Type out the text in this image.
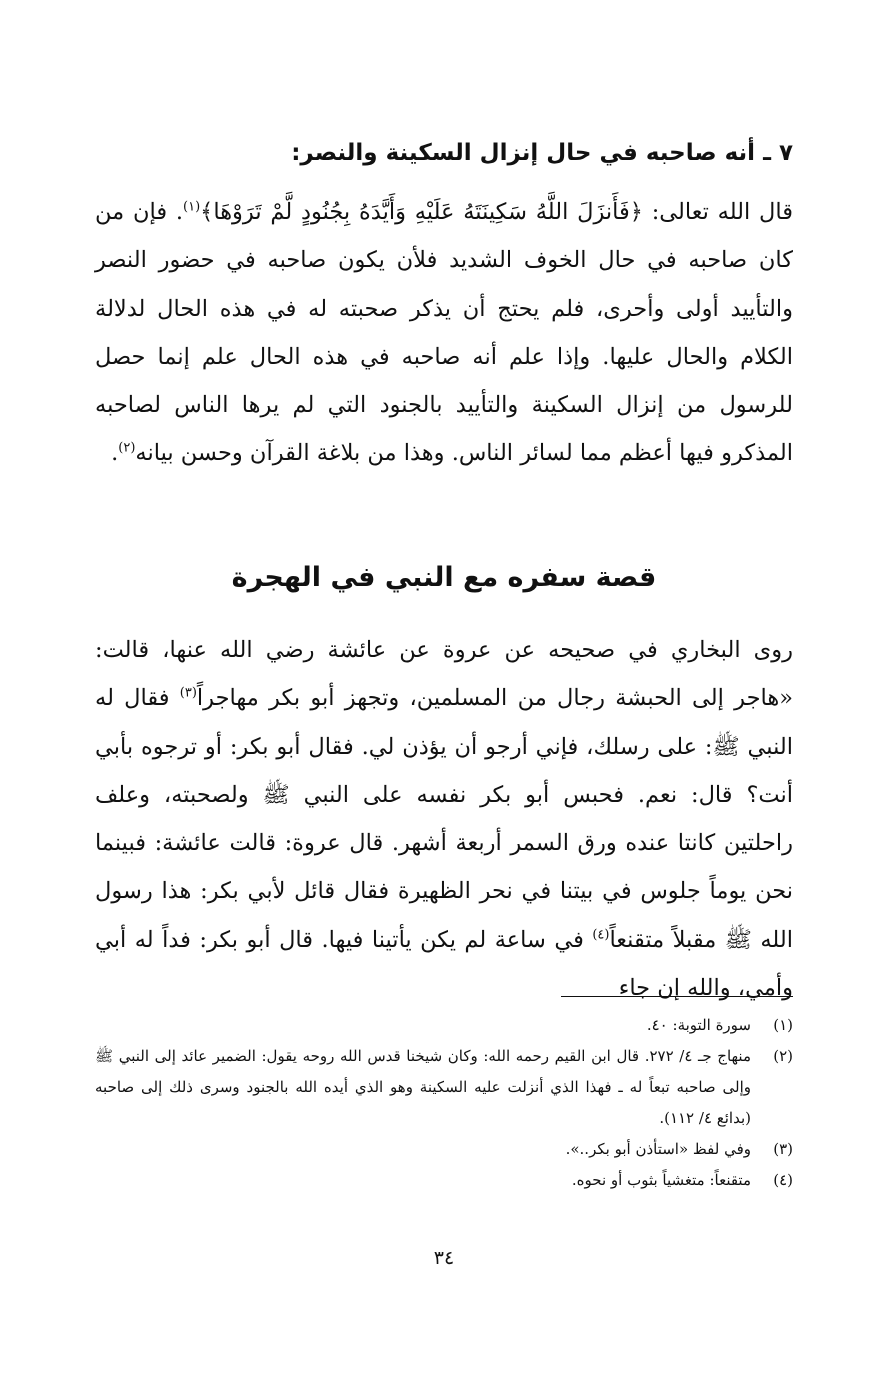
٧ ـ أنه صاحبه في حال إنزال السكينة والنصر:

قال الله تعالى: ﴿فَأَنزَلَ اللَّهُ سَكِينَتَهُ عَلَيْهِ وَأَيَّدَهُ بِجُنُودٍ لَّمْ تَرَوْهَا﴾$^{(١)}$. فإن من كان صاحبه في حال الخوف الشديد فلأن يكون صاحبه في حضور النصر والتأييد أولى وأحرى، فلم يحتج أن يذكر صحبته له في هذه الحال لدلالة الكلام والحال عليها. وإذا علم أنه صاحبه في هذه الحال علم إنما حصل للرسول من إنزال السكينة والتأييد بالجنود التي لم يرها الناس لصاحبه المذكرو فيها أعظم مما لسائر الناس. وهذا من بلاغة القرآن وحسن بيانه$^{(٢)}$.

قصة سفره مع النبي في الهجرة

روى البخاري في صحيحه عن عروة عن عائشة رضي الله عنها، قالت: «هاجر إلى الحبشة رجال من المسلمين، وتجهز أبو بكر مهاجراً$^{(٣)}$ فقال له النبي ﷺ: على رسلك، فإني أرجو أن يؤذن لي. فقال أبو بكر: أو ترجوه بأبي أنت؟ قال: نعم. فحبس أبو بكر نفسه على النبي ﷺ ولصحبته، وعلف راحلتين كانتا عنده ورق السمر أربعة أشهر. قال عروة: قالت عائشة: فبينما نحن يوماً جلوس في بيتنا في نحر الظهيرة فقال قائل لأبي بكر: هذا رسول الله ﷺ مقبلاً متقنعاً$^{(٤)}$ في ساعة لم يكن يأتينا فيها. قال أبو بكر: فداً له أبي وأمي، والله إن جاء

(١)
سورة التوبة: ٤٠.
(٢)
منهاج جـ ٤/ ٢٧٢. قال ابن القيم رحمه الله: وكان شيخنا قدس الله روحه يقول: الضمير عائد إلى النبي ﷺ وإلى صاحبه تبعاً له ـ فهذا الذي أنزلت عليه السكينة وهو الذي أيده الله بالجنود وسرى ذلك إلى صاحبه (بدائع ٤/ ١١٢).
(٣)
وفي لفظ «استأذن أبو بكر..».
(٤)
متقنعاً: متغشياً بثوب أو نحوه.
٣٤
